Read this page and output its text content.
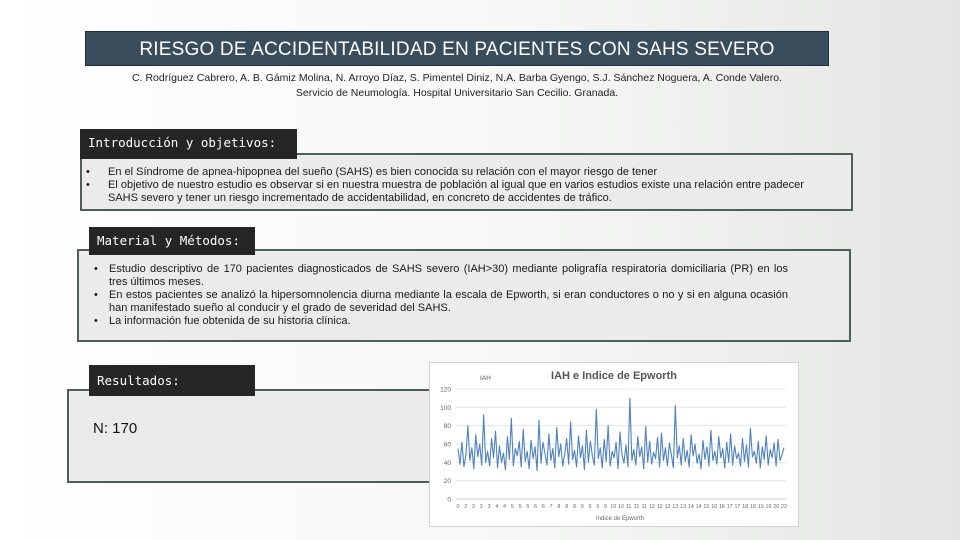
RIESGO DE ACCIDENTABILIDAD EN PACIENTES CON SAHS SEVERO
C. Rodríguez Cabrero, A. B. Gámiz Molina, N. Arroyo Díaz, S. Pimentel Diniz, N.A. Barba Gyengo, S.J. Sánchez Noguera, A. Conde Valero.
Servicio de Neumología. Hospital Universitario San Cecilio. Granada.
Introducción y objetivos:
• En el Síndrome de apnea-hipopnea del sueño (SAHS) es bien conocida su relación con el mayor riesgo de tener
• El objetivo de nuestro estudio es observar si en nuestra muestra de población al igual que en varios estudios existe una relación entre padecer SAHS severo y tener un riesgo incrementado de accidentabilidad, en concreto de accidentes de tráfico.
Material y Métodos:
• Estudio descriptivo de 170 pacientes diagnosticados de SAHS severo (IAH>30) mediante poligrafía respiratoria domiciliaria (PR) en los tres últimos meses.
• En estos pacientes se analizó la hipersomnolencia diurna mediante la escala de Epworth, si eran conductores o no y si en alguna ocasión han manifestado sueño al conducir y el grado de severidad del SAHS.
• La información fue obtenida de su historia clínica.
Resultados:
N: 170
IAH e Indice de Epworth
IAH
0
20
40
60
80
100
120
0 2 3 3 3 4 4 5 5 5 6 6 7 8 8 8 9 9 9 9 10 10 11 11 11 12 12 12 13 13 14 14 15 16 16 17 17 18 18 19 19 20 22
Indice de Epworth
